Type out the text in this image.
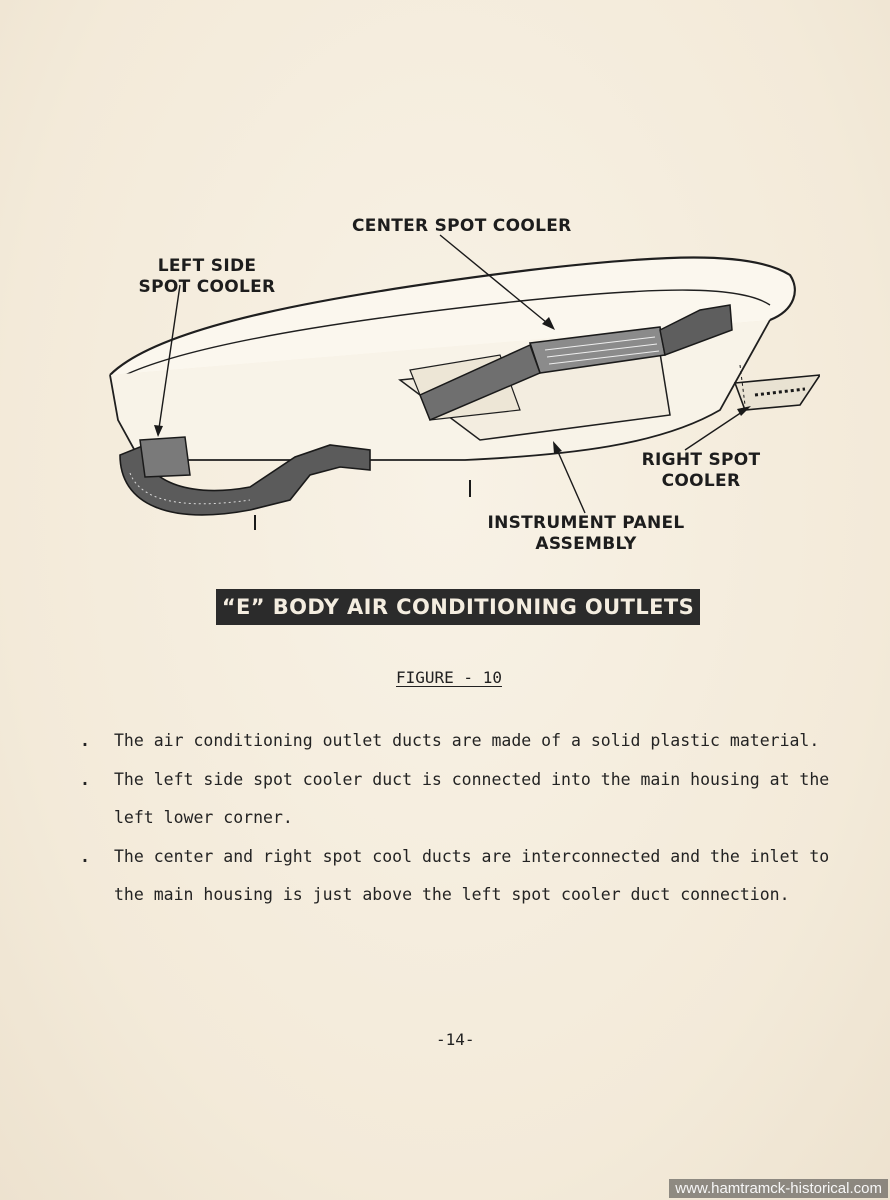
LEFT SIDE
SPOT COOLER
CENTER SPOT COOLER
RIGHT SPOT
COOLER
INSTRUMENT PANEL
ASSEMBLY
“E” BODY AIR CONDITIONING OUTLETS
FIGURE - 10
. The air conditioning outlet ducts are made of a solid plastic material.
. The left side spot cooler duct is connected into the main housing at the left lower corner.
. The center and right spot cool ducts are interconnected and the inlet to the main housing is just above the left spot cooler duct connection.
-14-
www.hamtramck-historical.com
